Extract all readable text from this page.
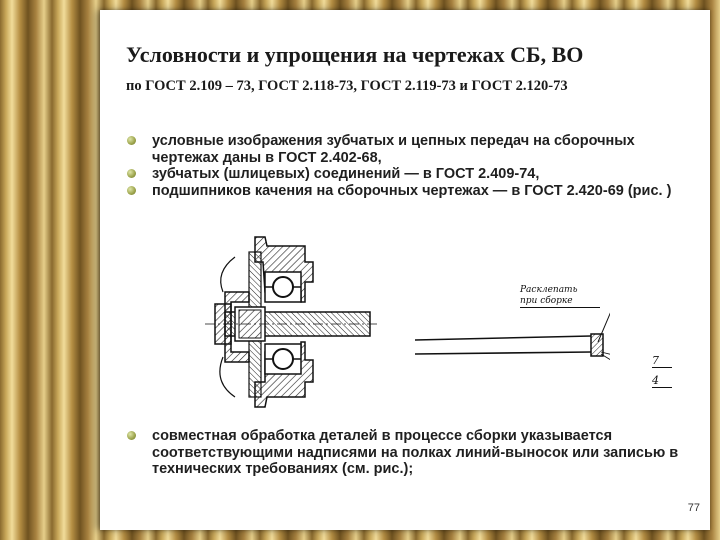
Условности и упрощения на чертежах СБ, ВО

по ГОСТ 2.109 – 73, ГОСТ 2.118-73, ГОСТ 2.119-73 и ГОСТ 2.120-73

условные изображения зубчатых и цепных передач на сборочных чертежах даны в ГОСТ 2.402-68,
зубчатых (шлицевых) соединений — в ГОСТ 2.409-74,
подшипников качения на сборочных чертежах — в ГОСТ 2.420-69 (рис. )
Расклепать
при сборке
7
4
совместная обработка деталей в процессе сборки указывается соответствующими надписями на полках линий-выносок или записью в технических требованиях (см. рис.);
77
